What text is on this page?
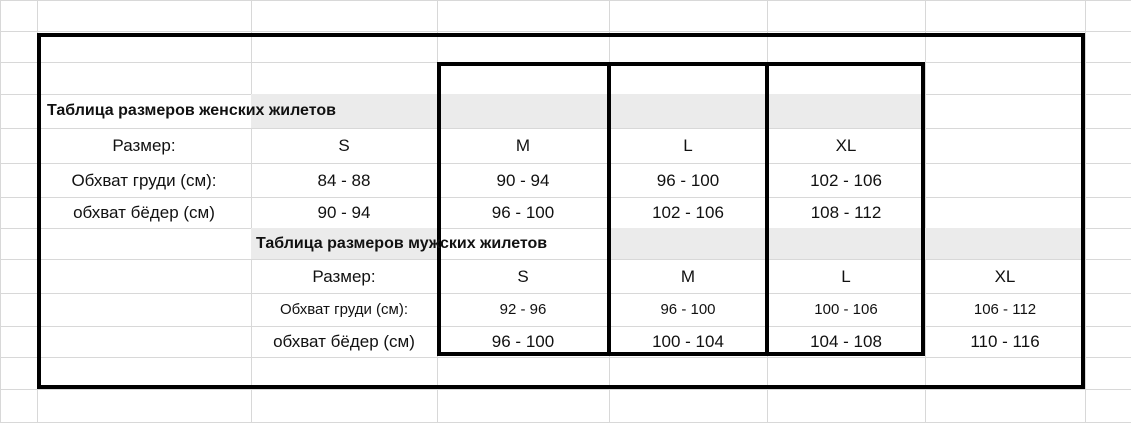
Таблица размеров женских жилетов
Размер:	S	M	L	XL
Обхват груди (см):	84 - 88	90 - 94	96 - 100	102 - 106
обхват бёдер (см)	90 - 94	96 - 100	102 - 106	108 - 112
Таблица размеров мужских жилетов
Размер:	S	M	L	XL
Обхват груди (см):	92 - 96	96 - 100	100 - 106	106 - 112
обхват бёдер (см)	96 - 100	100 - 104	104 - 108	110 - 116
